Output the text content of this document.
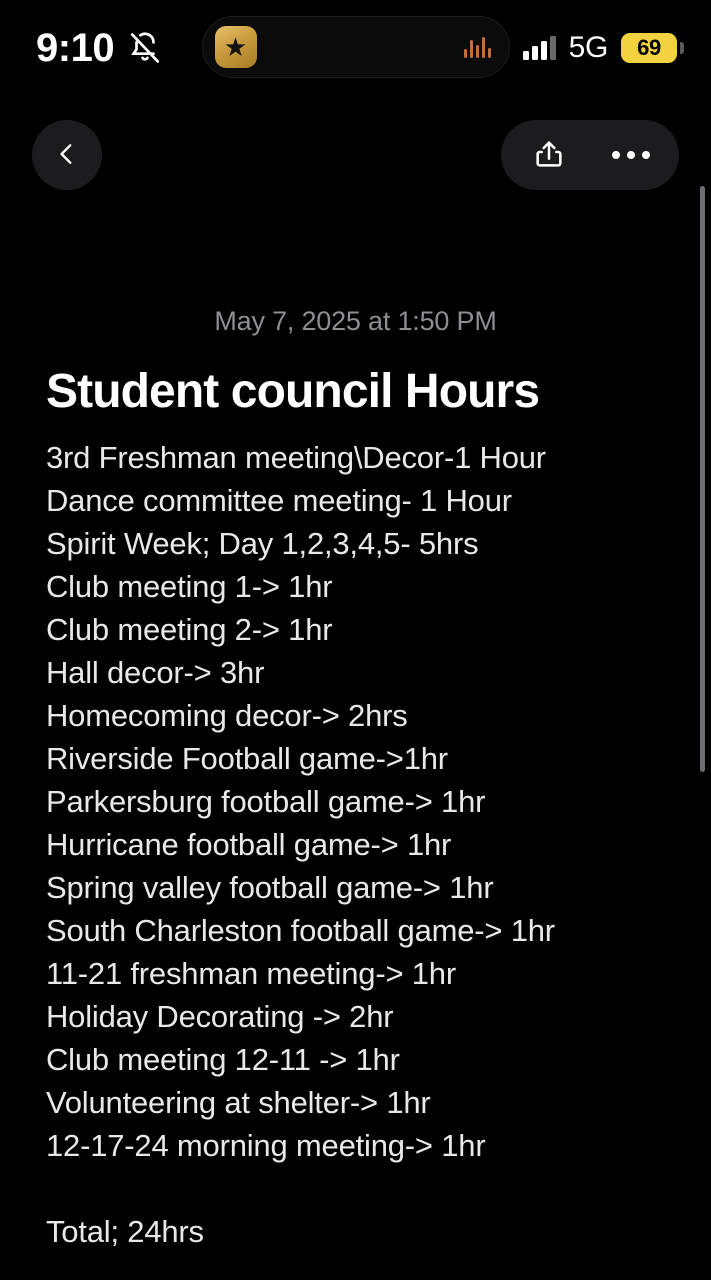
9:10	★	5G 69
May 7, 2025 at 1:50 PM
Student council Hours
3rd Freshman meeting\Decor-1 Hour
Dance committee meeting- 1 Hour
Spirit Week; Day 1,2,3,4,5- 5hrs
Club meeting 1-> 1hr
Club meeting 2-> 1hr
Hall decor-> 3hr
Homecoming decor-> 2hrs
Riverside Football game->1hr
Parkersburg football game-> 1hr
Hurricane football game-> 1hr
Spring valley football game-> 1hr
South Charleston football game-> 1hr
11-21 freshman meeting-> 1hr
Holiday Decorating -> 2hr
Club meeting 12-11 -> 1hr
Volunteering at shelter-> 1hr
12-17-24 morning meeting-> 1hr
Total; 24hrs
